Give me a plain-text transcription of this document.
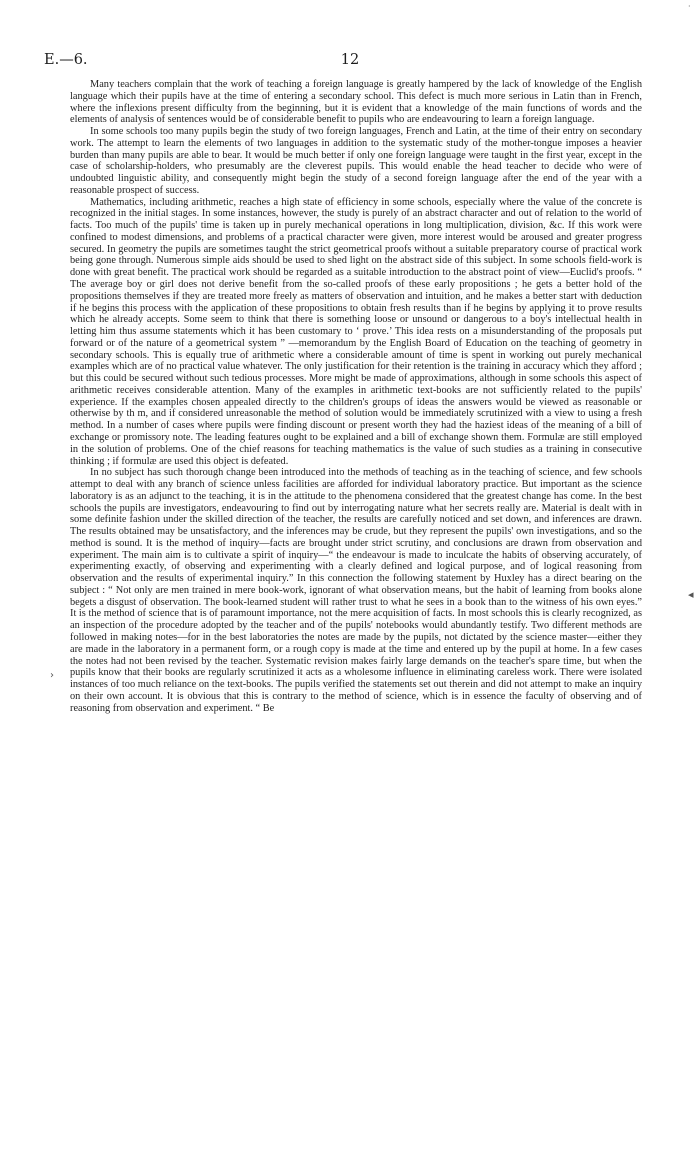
E.—6.	12

Many teachers complain that the work of teaching a foreign language is greatly hampered by the lack of knowledge of the English language which their pupils have at the time of entering a secondary school. This defect is much more serious in Latin than in French, where the inflexions present difficulty from the beginning, but it is evident that a knowledge of the main functions of words and the elements of analysis of sentences would be of considerable benefit to pupils who are endeavouring to learn a foreign language.

In some schools too many pupils begin the study of two foreign languages, French and Latin, at the time of their entry on secondary work. The attempt to learn the elements of two languages in addition to the systematic study of the mother-tongue imposes a heavier burden than many pupils are able to bear. It would be much better if only one foreign language were taught in the first year, except in the case of scholarship-holders, who presumably are the cleverest pupils. This would enable the head teacher to decide who were of undoubted linguistic ability, and consequently might begin the study of a second foreign language after the end of the year with a reasonable prospect of success.

Mathematics, including arithmetic, reaches a high state of efficiency in some schools, especially where the value of the concrete is recognized in the initial stages. In some instances, however, the study is purely of an abstract character and out of relation to the world of facts. Too much of the pupils' time is taken up in purely mechanical operations in long multiplication, division, &c. If this work were confined to modest dimensions, and problems of a practical character were given, more interest would be aroused and greater progress secured. In geometry the pupils are sometimes taught the strict geometrical proofs without a suitable preparatory course of practical work being gone through. Numerous simple aids should be used to shed light on the abstract side of this subject. In some schools field-work is done with great benefit. The practical work should be regarded as a suitable introduction to the abstract point of view—Euclid's proofs. “ The average boy or girl does not derive benefit from the so-called proofs of these early propositions ; he gets a better hold of the propositions themselves if they are treated more freely as matters of observation and intuition, and he makes a better start with deduction if he begins this process with the application of these propositions to obtain fresh results than if he begins by applying it to prove results which he already accepts. Some seem to think that there is something loose or unsound or dangerous to a boy's intellectual health in letting him thus assume statements which it has been customary to ‘ prove.’ This idea rests on a misunderstanding of the proposals put forward or of the nature of a geometrical system ” —memorandum by the English Board of Education on the teaching of geometry in secondary schools. This is equally true of arithmetic where a considerable amount of time is spent in working out purely mechanical examples which are of no practical value whatever. The only justification for their retention is the training in accuracy which they afford ; but this could be secured without such tedious processes. More might be made of approximations, although in some schools this aspect of arithmetic receives considerable attention. Many of the examples in arithmetic text-books are not sufficiently related to the pupils' experience. If the examples chosen appealed directly to the children's groups of ideas the answers would be viewed as reasonable or otherwise by th m, and if considered unreasonable the method of solution would be immediately scrutinized with a view to using a fresh method. In a number of cases where pupils were finding discount or present worth they had the haziest ideas of the meaning of a bill of exchange or promissory note. The leading features ought to be explained and a bill of exchange shown them. Formulæ are still employed in the solution of problems. One of the chief reasons for teaching mathematics is the value of such studies as a training in consecutive thinking ; if formulæ are used this object is defeated.

In no subject has such thorough change been introduced into the methods of teaching as in the teaching of science, and few schools attempt to deal with any branch of science unless facilities are afforded for individual laboratory practice. But important as the science laboratory is as an adjunct to the teaching, it is in the attitude to the phenomena considered that the greatest change has come. In the best schools the pupils are investigators, endeavouring to find out by interrogating nature what her secrets really are. Material is dealt with in some definite fashion under the skilled direction of the teacher, the results are carefully noticed and set down, and inferences are drawn. The results obtained may be unsatisfactory, and the inferences may be crude, but they represent the pupils' own investigations, and so the method is sound. It is the method of inquiry—facts are brought under strict scrutiny, and conclusions are drawn from observation and experiment. The main aim is to cultivate a spirit of inquiry—“ the endeavour is made to inculcate the habits of observing accurately, of experimenting exactly, of observing and experimenting with a clearly defined and logical purpose, and of logical reasoning from observation and the results of experimental inquiry.” In this connection the following statement by Huxley has a direct bearing on the subject : “ Not only are men trained in mere book-work, ignorant of what observation means, but the habit of learning from books alone begets a disgust of observation. The book-learned student will rather trust to what he sees in a book than to the witness of his own eyes.” It is the method of science that is of paramount importance, not the mere acquisition of facts. In most schools this is clearly recognized, as an inspection of the procedure adopted by the teacher and of the pupils' notebooks would abundantly testify. Two different methods are followed in making notes—for in the best laboratories the notes are made by the pupils, not dictated by the science master—either they are made in the laboratory in a permanent form, or a rough copy is made at the time and entered up by the pupil at home. In a few cases the notes had not been revised by the teacher. Systematic revision makes fairly large demands on the teacher's spare time, but when the pupils know that their books are regularly scrutinized it acts as a wholesome influence in eliminating careless work. There were isolated instances of too much reliance on the text-books. The pupils verified the statements set out therein and did not attempt to make an inquiry on their own account. It is obvious that this is contrary to the method of science, which is in essence the faculty of observing and of reasoning from observation and experiment. “ Be

·
◂
›
